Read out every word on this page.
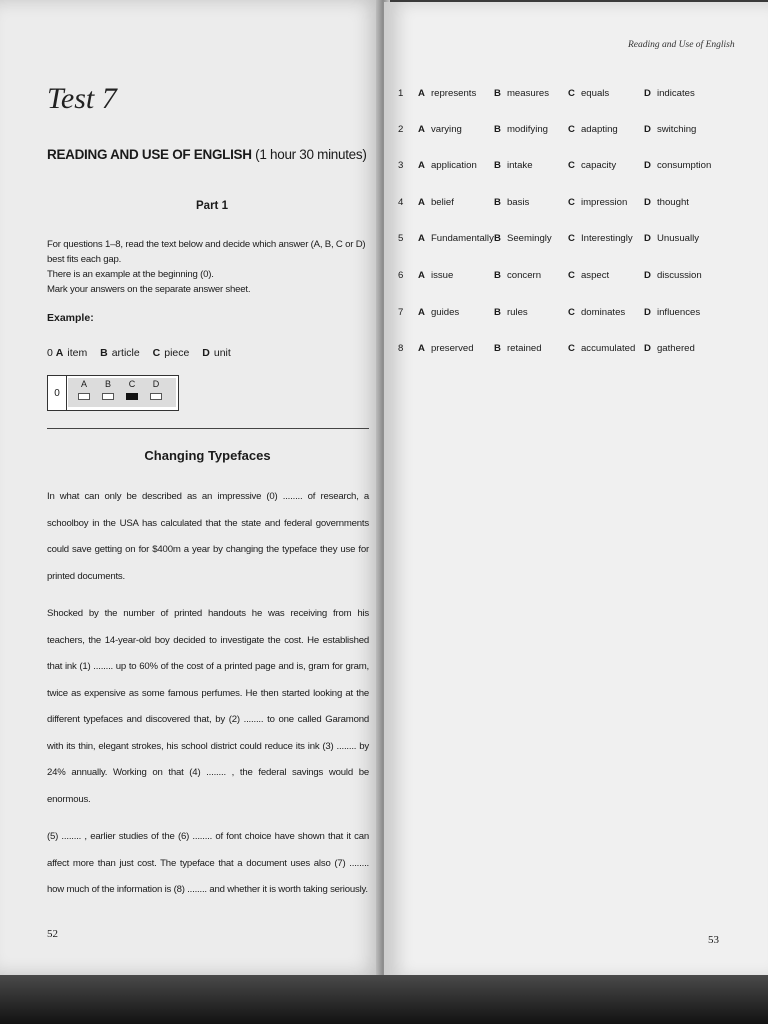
Test 7
READING AND USE OF ENGLISH (1 hour 30 minutes)
Part 1

For questions 1–8, read the text below and decide which answer (A, B, C or D) best fits each gap.

There is an example at the beginning (0).

Mark your answers on the separate answer sheet.

Example:
0 A item B article C piece D unit
0
A	B	C	D
Changing Typefaces

In what can only be described as an impressive (0) ........ of research, a schoolboy in the USA has calculated that the state and federal governments could save getting on for $400m a year by changing the typeface they use for printed documents.

Shocked by the number of printed handouts he was receiving from his teachers, the 14-year-old boy decided to investigate the cost. He established that ink (1) ........ up to 60% of the cost of a printed page and is, gram for gram, twice as expensive as some famous perfumes. He then started looking at the different typefaces and discovered that, by (2) ........ to one called Garamond with its thin, elegant strokes, his school district could reduce its ink (3) ........ by 24% annually. Working on that (4) ........ , the federal savings would be enormous.

(5) ........ , earlier studies of the (6) ........ of font choice have shown that it can affect more than just cost. The typeface that a document uses also (7) ........ how much of the information is (8) ........ and whether it is worth taking seriously.

52
Reading and Use of English
1 A represents B measures C equals	D indicates
2 A varying	B modifying C adapting	D switching
3 A application B intake	C capacity	D consumption
4 A belief	B basis	C impression D thought
5 A Fundamentally B Seemingly C Interestingly D Unusually
6 A issue	B concern	C aspect	D discussion
7 A guides	B rules	C dominates D influences
8 A preserved B retained	C accumulated D gathered
53
